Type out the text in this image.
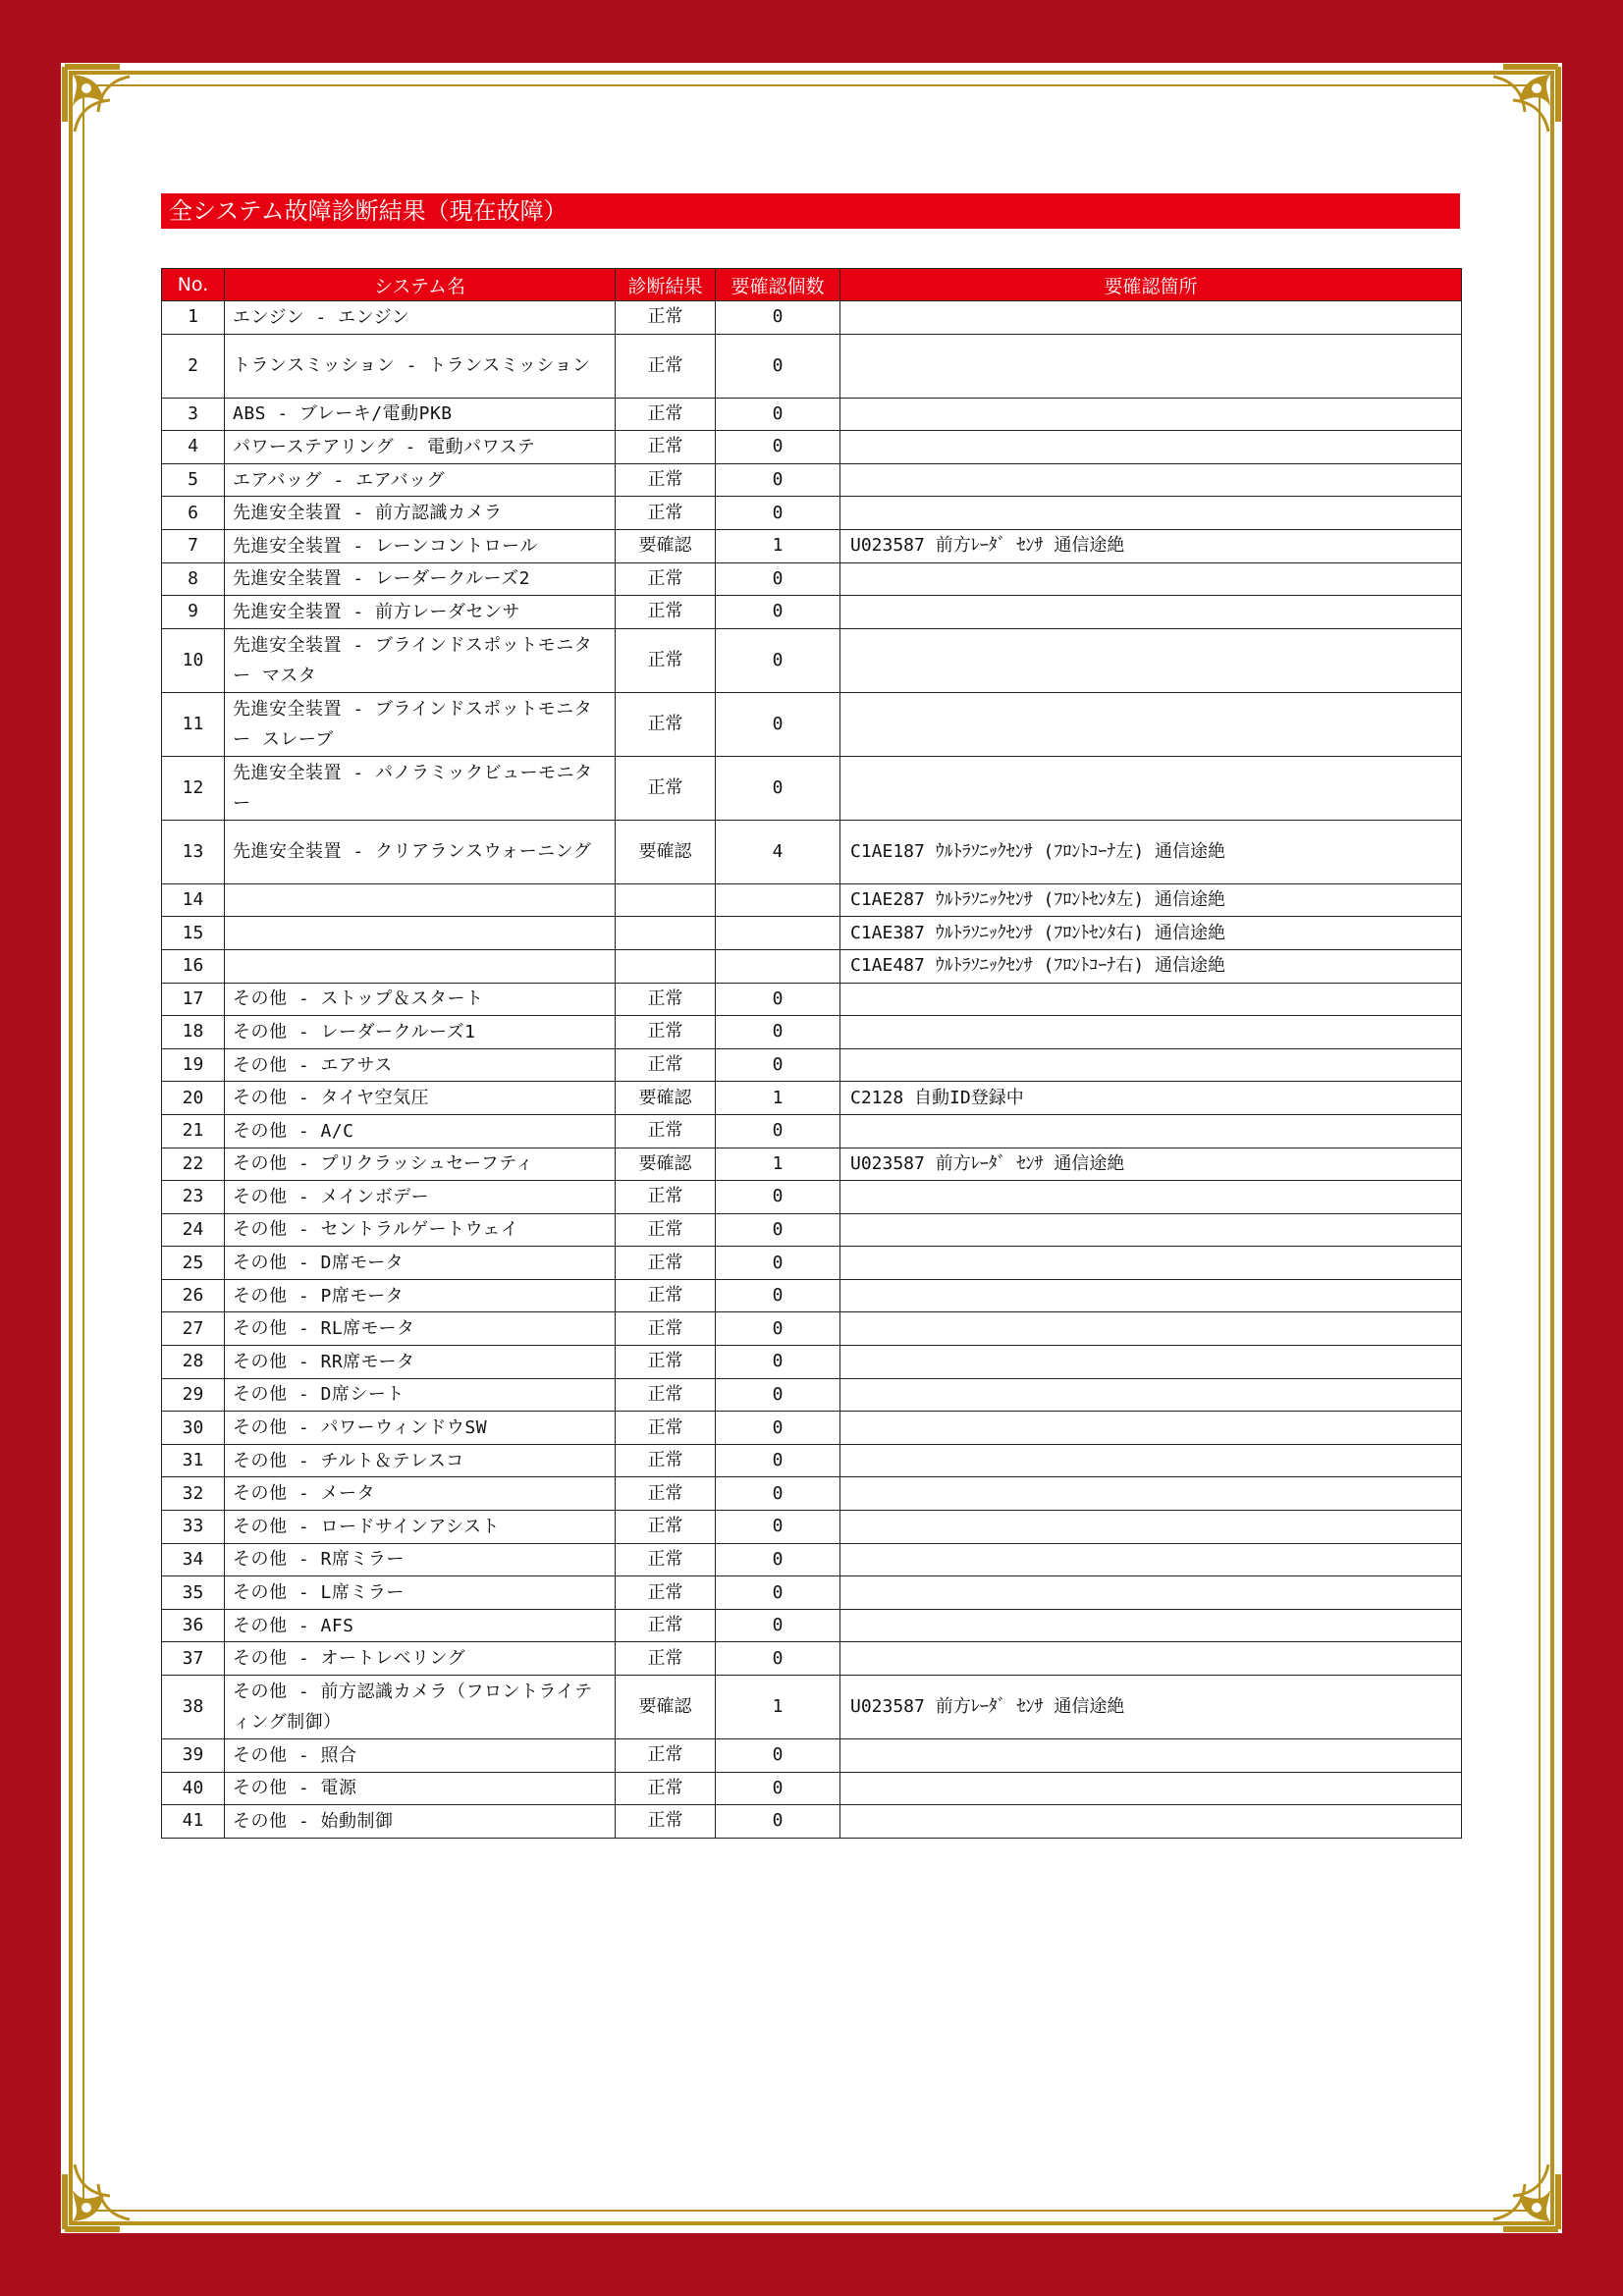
全システム故障診断結果（現在故障）
No.	システム名	診断結果	要確認個数	要確認箇所
1	エンジン - エンジン	正常	0	
2	トランスミッション - トランスミッション	正常	0	
3	ABS - ブレーキ/電動PKB	正常	0	
4	パワーステアリング - 電動パワステ	正常	0	
5	エアバッグ - エアバッグ	正常	0	
6	先進安全装置 - 前方認識カメラ	正常	0	
7	先進安全装置 - レーンコントロール	要確認	1	U023587 前方ﾚｰﾀﾞ ｾﾝｻ 通信途絶
8	先進安全装置 - レーダークルーズ2	正常	0	
9	先進安全装置 - 前方レーダセンサ	正常	0	
10	先進安全装置 - ブラインドスポットモニター マスタ	正常	0	
11	先進安全装置 - ブラインドスポットモニター スレーブ	正常	0	
12	先進安全装置 - パノラミックビューモニター	正常	0	
13	先進安全装置 - クリアランスウォーニング	要確認	4	C1AE187 ｳﾙﾄﾗｿﾆｯｸｾﾝｻ (ﾌﾛﾝﾄｺｰﾅ左) 通信途絶
14				C1AE287 ｳﾙﾄﾗｿﾆｯｸｾﾝｻ (ﾌﾛﾝﾄｾﾝﾀ左) 通信途絶
15				C1AE387 ｳﾙﾄﾗｿﾆｯｸｾﾝｻ (ﾌﾛﾝﾄｾﾝﾀ右) 通信途絶
16				C1AE487 ｳﾙﾄﾗｿﾆｯｸｾﾝｻ (ﾌﾛﾝﾄｺｰﾅ右) 通信途絶
17	その他 - ストップ＆スタート	正常	0	
18	その他 - レーダークルーズ1	正常	0	
19	その他 - エアサス	正常	0	
20	その他 - タイヤ空気圧	要確認	1	C2128 自動ID登録中
21	その他 - A/C	正常	0	
22	その他 - プリクラッシュセーフティ	要確認	1	U023587 前方ﾚｰﾀﾞ ｾﾝｻ 通信途絶
23	その他 - メインボデー	正常	0	
24	その他 - セントラルゲートウェイ	正常	0	
25	その他 - D席モータ	正常	0	
26	その他 - P席モータ	正常	0	
27	その他 - RL席モータ	正常	0	
28	その他 - RR席モータ	正常	0	
29	その他 - D席シート	正常	0	
30	その他 - パワーウィンドウSW	正常	0	
31	その他 - チルト＆テレスコ	正常	0	
32	その他 - メータ	正常	0	
33	その他 - ロードサインアシスト	正常	0	
34	その他 - R席ミラー	正常	0	
35	その他 - L席ミラー	正常	0	
36	その他 - AFS	正常	0	
37	その他 - オートレベリング	正常	0	
38	その他 - 前方認識カメラ（フロントライティング制御）	要確認	1	U023587 前方ﾚｰﾀﾞ ｾﾝｻ 通信途絶
39	その他 - 照合	正常	0	
40	その他 - 電源	正常	0	
41	その他 - 始動制御	正常	0	
